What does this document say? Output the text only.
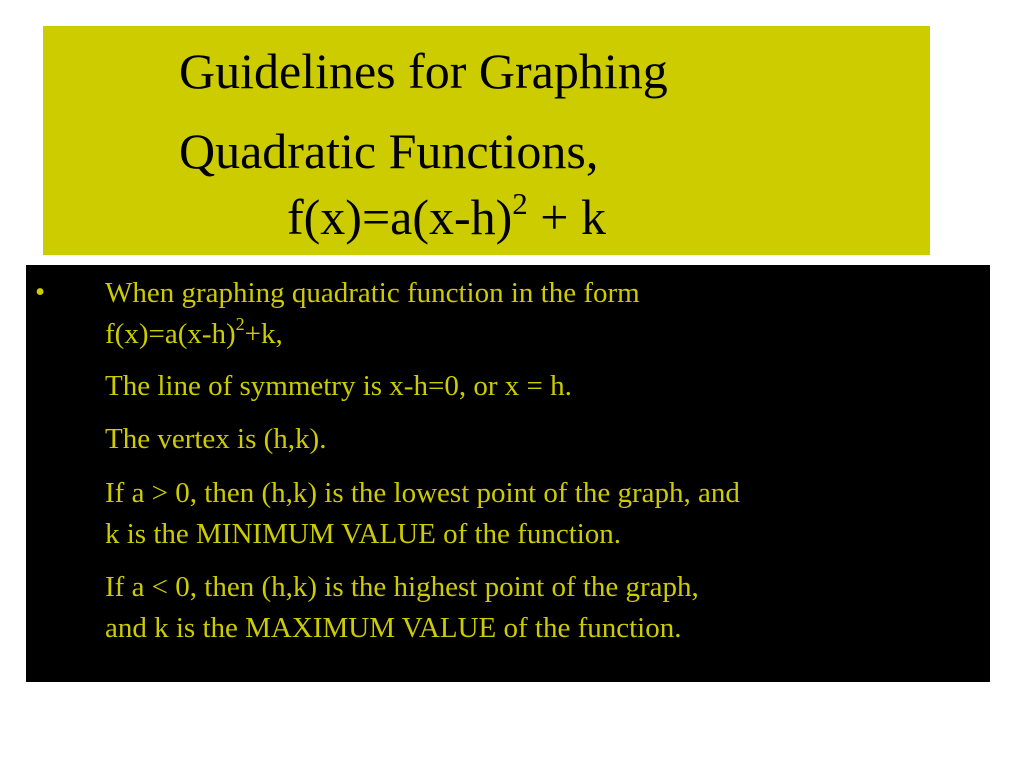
Guidelines for Graphing
Quadratic Functions,
$f(x)=a(x-h)^2 + k$
• When graphing quadratic function in the form
$f(x)=a(x-h)^2+k$,
The line of symmetry is x-h=0, or x = h.
The vertex is (h,k).
If a > 0, then (h,k) is the lowest point of the graph, and
k is the MINIMUM VALUE of the function.
If a < 0, then (h,k) is the highest point of the graph,
and k is the MAXIMUM VALUE of the function.
